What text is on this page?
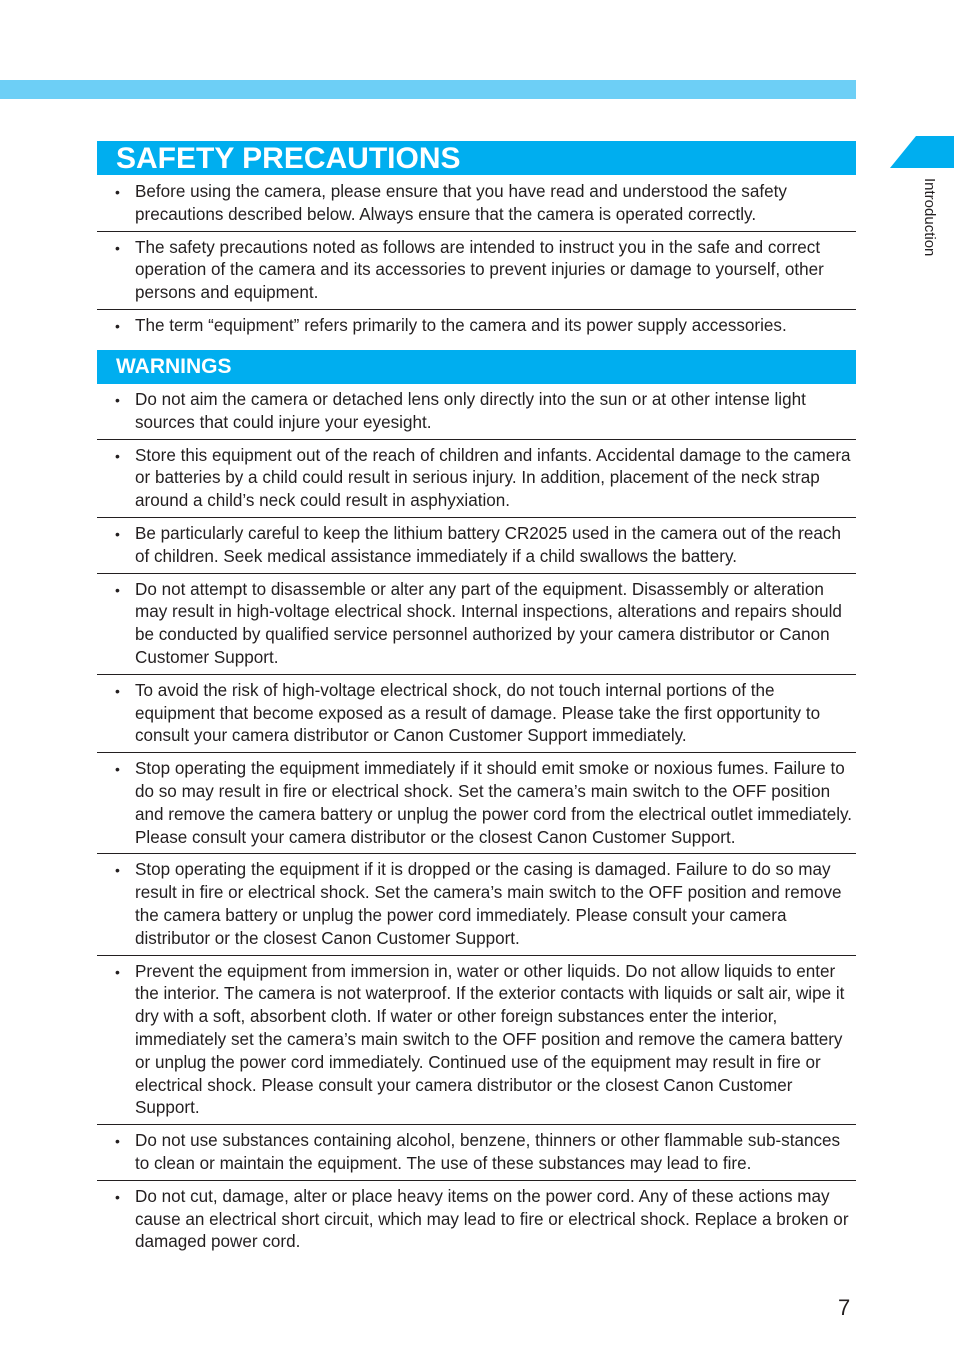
Introduction
SAFETY PRECAUTIONS
• Before using the camera, please ensure that you have read and understood the safety precautions described below. Always ensure that the camera is operated correctly.
• The safety precautions noted as follows are intended to instruct you in the safe and correct operation of the camera and its accessories to prevent injuries or damage to yourself, other persons and equipment.
• The term “equipment” refers primarily to the camera and its power supply accessories.
WARNINGS
• Do not aim the camera or detached lens only directly into the sun or at other intense light sources that could injure your eyesight.
• Store this equipment out of the reach of children and infants. Accidental damage to the camera or batteries by a child could result in serious injury. In addition, placement of the neck strap around a child’s neck could result in asphyxiation.
• Be particularly careful to keep the lithium battery CR2025 used in the camera out of the reach of children. Seek medical assistance immediately if a child swallows the battery.
• Do not attempt to disassemble or alter any part of the equipment. Disassembly or alteration may result in high-voltage electrical shock. Internal inspections, alterations and repairs should be conducted by qualified service personnel authorized by your camera distributor or Canon Customer Support.
• To avoid the risk of high-voltage electrical shock, do not touch internal portions of the equipment that become exposed as a result of damage. Please take the first opportunity to consult your camera distributor or Canon Customer Support immediately.
• Stop operating the equipment immediately if it should emit smoke or noxious fumes. Failure to do so may result in fire or electrical shock. Set the camera’s main switch to the OFF position and remove the camera battery or unplug the power cord from the electrical outlet immediately. Please consult your camera distributor or the closest Canon Customer Support.
• Stop operating the equipment if it is dropped or the casing is damaged. Failure to do so may result in fire or electrical shock. Set the camera’s main switch to the OFF position and remove the camera battery or unplug the power cord immediately. Please consult your camera distributor or the closest Canon Customer Support.
• Prevent the equipment from immersion in, water or other liquids. Do not allow liquids to enter the interior. The camera is not waterproof. If the exterior contacts with liquids or salt air, wipe it dry with a soft, absorbent cloth. If water or other foreign substances enter the interior, immediately set the camera’s main switch to the OFF position and remove the camera battery or unplug the power cord immediately. Continued use of the equipment may result in fire or electrical shock. Please consult your camera distributor or the closest Canon Customer Support.
• Do not use substances containing alcohol, benzene, thinners or other flammable sub-stances to clean or maintain the equipment. The use of these substances may lead to fire.
• Do not cut, damage, alter or place heavy items on the power cord. Any of these actions may cause an electrical short circuit, which may lead to fire or electrical shock. Replace a broken or damaged power cord.
7
